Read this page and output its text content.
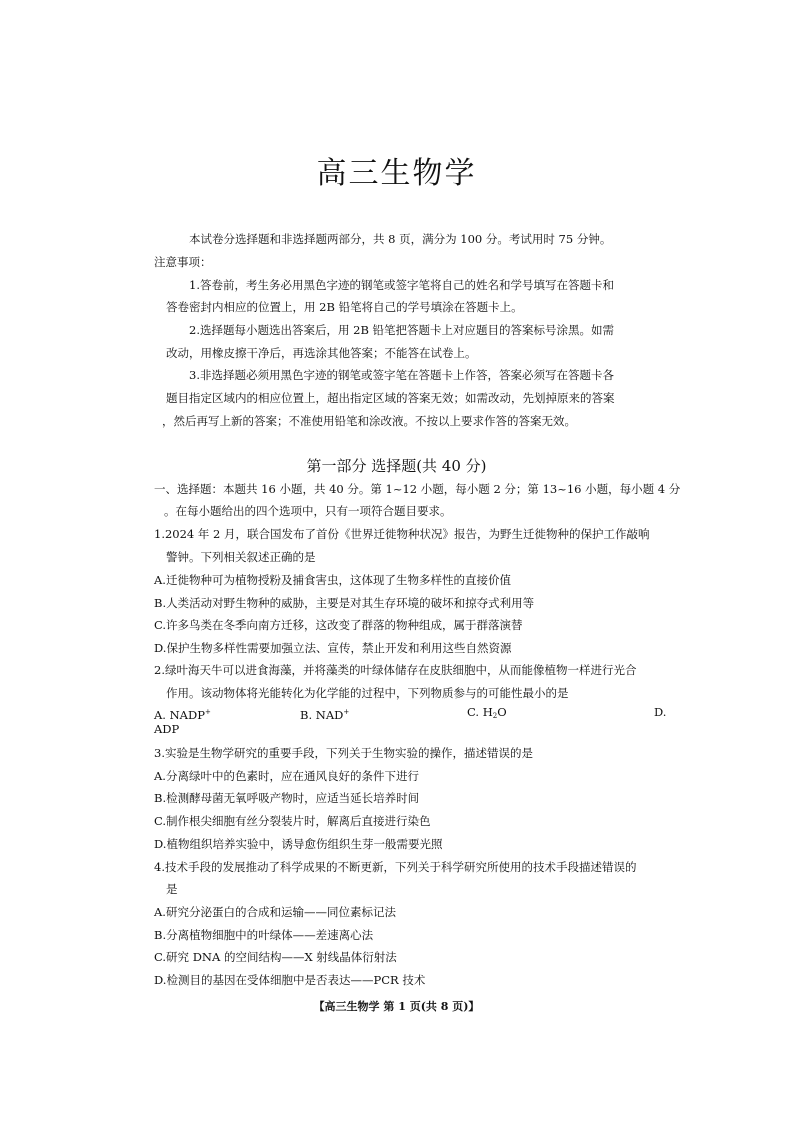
高三生物学
本试卷分选择题和非选择题两部分，共 8 页，满分为 100 分。考试用时 75 分钟。
注意事项：
1.答卷前，考生务必用黑色字迹的钢笔或签字笔将自己的姓名和学号填写在答题卡和
答卷密封内相应的位置上，用 2B 铅笔将自己的学号填涂在答题卡上。
2.选择题每小题选出答案后，用 2B 铅笔把答题卡上对应题目的答案标号涂黑。如需
改动，用橡皮擦干净后，再选涂其他答案；不能答在试卷上。
3.非选择题必须用黑色字迹的钢笔或签字笔在答题卡上作答，答案必须写在答题卡各
题目指定区域内的相应位置上，超出指定区域的答案无效；如需改动，先划掉原来的答案
，然后再写上新的答案；不准使用铅笔和涂改液。不按以上要求作答的答案无效。
第一部分 选择题(共 40 分)
一、选择题：本题共 16 小题，共 40 分。第 1~12 小题，每小题 2 分；第 13~16 小题，每小题 4 分
。在每小题给出的四个选项中，只有一项符合题目要求。
1.2024 年 2 月，联合国发布了首份《世界迁徙物种状况》报告，为野生迁徙物种的保护工作敲响
警钟。下列相关叙述正确的是
A.迁徙物种可为植物授粉及捕食害虫，这体现了生物多样性的直接价值
B.人类活动对野生物种的威胁，主要是对其生存环境的破坏和掠夺式利用等
C.许多鸟类在冬季向南方迁移，这改变了群落的物种组成，属于群落演替
D.保护生物多样性需要加强立法、宣传，禁止开发和利用这些自然资源
2.绿叶海天牛可以进食海藻，并将藻类的叶绿体储存在皮肤细胞中，从而能像植物一样进行光合
作用。该动物体将光能转化为化学能的过程中，下列物质参与的可能性最小的是
A. NADP+	B. NAD+	C. $H_2O$	D.
ADP
3.实验是生物学研究的重要手段，下列关于生物实验的操作，描述错误的是
A.分离绿叶中的色素时，应在通风良好的条件下进行
B.检测酵母菌无氧呼吸产物时，应适当延长培养时间
C.制作根尖细胞有丝分裂装片时，解离后直接进行染色
D.植物组织培养实验中，诱导愈伤组织生芽一般需要光照
4.技术手段的发展推动了科学成果的不断更新，下列关于科学研究所使用的技术手段描述错误的
是
A.研究分泌蛋白的合成和运输——同位素标记法
B.分离植物细胞中的叶绿体——差速离心法
C.研究 DNA 的空间结构——X 射线晶体衍射法
D.检测目的基因在受体细胞中是否表达——PCR 技术
【高三生物学 第 1 页(共 8 页)】
